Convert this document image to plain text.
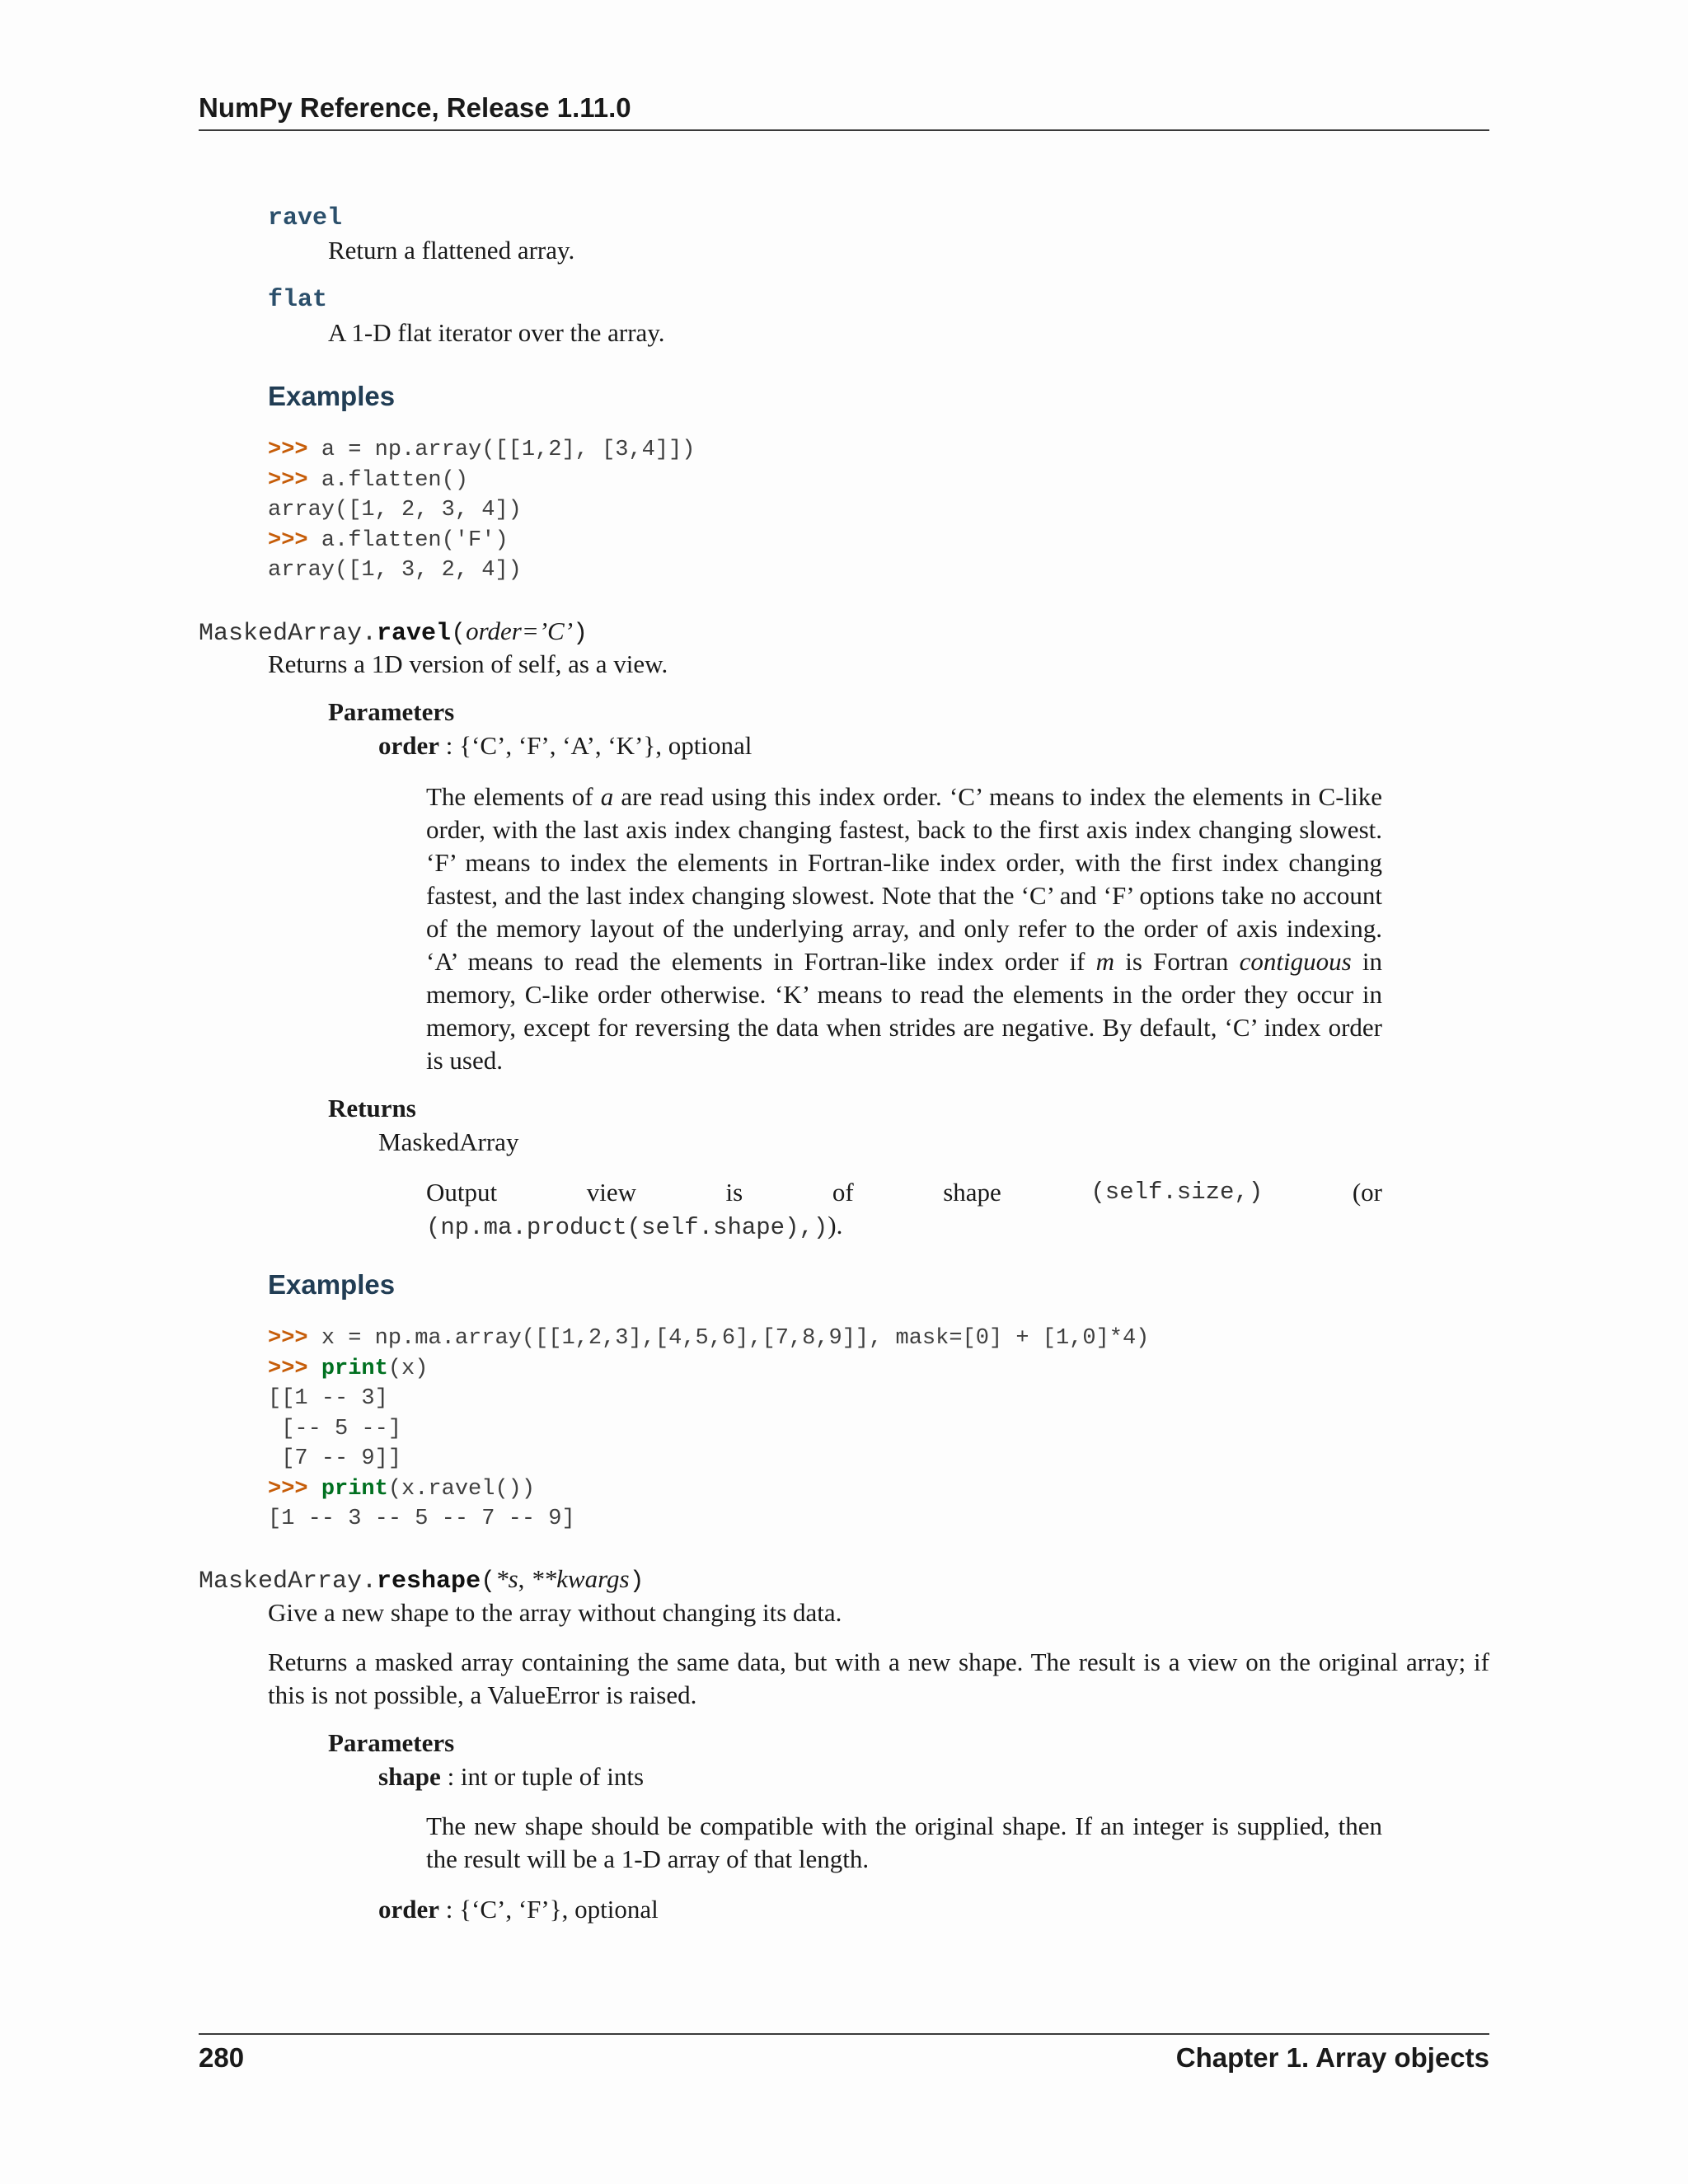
NumPy Reference, Release 1.11.0
ravel
Return a flattened array.
flat
A 1-D flat iterator over the array.
Examples
>>> a = np.array([[1,2], [3,4]])
>>> a.flatten()
array([1, 2, 3, 4])
>>> a.flatten('F')
array([1, 3, 2, 4])
MaskedArray.ravel(order=’C’)
Returns a 1D version of self, as a view.
Parameters
order : {‘C’, ‘F’, ‘A’, ‘K’}, optional
The elements of a are read using this index order. ‘C’ means to index the elements in C-like order, with the last axis index changing fastest, back to the first axis index changing slowest. ‘F’ means to index the elements in Fortran-like index order, with the first index changing fastest, and the last index changing slowest. Note that the ‘C’ and ‘F’ options take no account of the memory layout of the underlying array, and only refer to the order of axis indexing. ‘A’ means to read the elements in Fortran-like index order if m is Fortran contiguous in memory, C-like order otherwise. ‘K’ means to read the elements in the order they occur in memory, except for reversing the data when strides are negative. By default, ‘C’ index order is used.
Returns
MaskedArray
Output	view	is	of	shape	(self.size,)	(or
(np.ma.product(self.shape),)).
Examples
>>> x = np.ma.array([[1,2,3],[4,5,6],[7,8,9]], mask=[0] + [1,0]*4)
>>> print(x)
[[1 -- 3]
[-- 5 --]
[7 -- 9]]
>>> print(x.ravel())
[1 -- 3 -- 5 -- 7 -- 9]
MaskedArray.reshape(*s, **kwargs)
Give a new shape to the array without changing its data.
Returns a masked array containing the same data, but with a new shape. The result is a view on the original array; if this is not possible, a ValueError is raised.
Parameters
shape : int or tuple of ints
The new shape should be compatible with the original shape. If an integer is supplied, then the result will be a 1-D array of that length.
order : {‘C’, ‘F’}, optional
280	Chapter 1. Array objects
